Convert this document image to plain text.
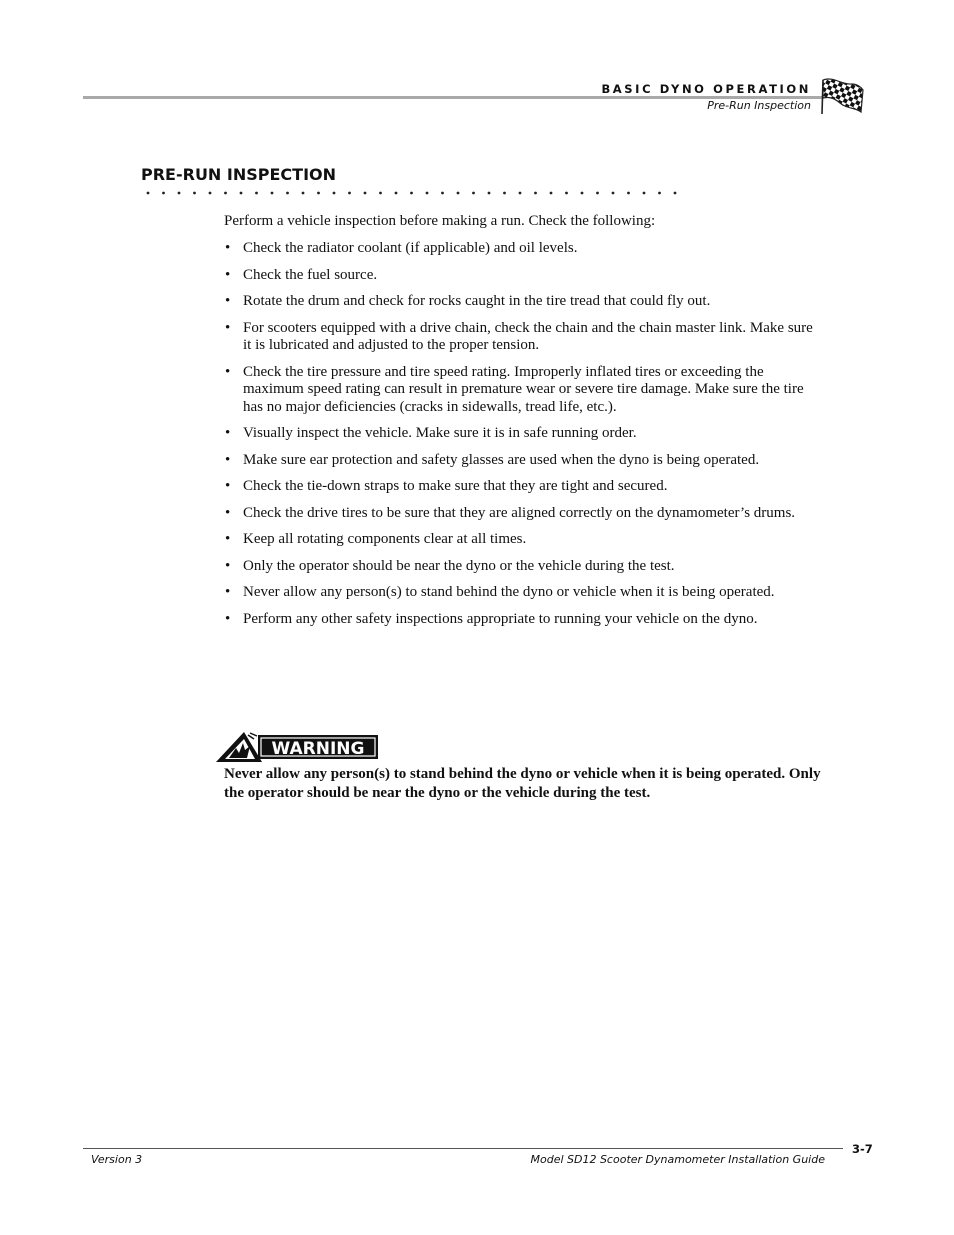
BASIC DYNO OPERATION
Pre-Run Inspection
PRE-RUN INSPECTION
Perform a vehicle inspection before making a run. Check the following:
• Check the radiator coolant (if applicable) and oil levels.
• Check the fuel source.
• Rotate the drum and check for rocks caught in the tire tread that could fly out.
• For scooters equipped with a drive chain, check the chain and the chain master link. Make sure it is lubricated and adjusted to the proper tension.
• Check the tire pressure and tire speed rating. Improperly inflated tires or exceeding the maximum speed rating can result in premature wear or severe tire damage. Make sure the tire has no major deficiencies (cracks in sidewalls, tread life, etc.).
• Visually inspect the vehicle. Make sure it is in safe running order.
• Make sure ear protection and safety glasses are used when the dyno is being operated.
• Check the tie-down straps to make sure that they are tight and secured.
• Check the drive tires to be sure that they are aligned correctly on the dynamometer’s drums.
• Keep all rotating components clear at all times.
• Only the operator should be near the dyno or the vehicle during the test.
• Never allow any person(s) to stand behind the dyno or vehicle when it is being operated.
• Perform any other safety inspections appropriate to running your vehicle on the dyno.
WARNING
Never allow any person(s) to stand behind the dyno or vehicle when it is being operated. Only the operator should be near the dyno or the vehicle during the test.
3-7
Version 3	Model SD12 Scooter Dynamometer Installation Guide
